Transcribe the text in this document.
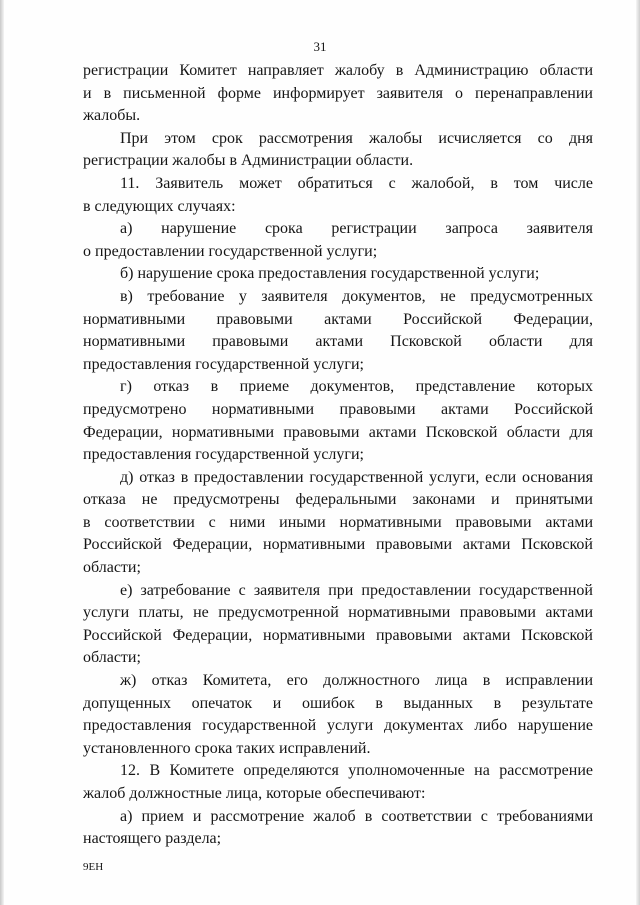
31
регистрации Комитет направляет жалобу в Администрацию области
и в письменной форме информирует заявителя о перенаправлении
жалобы.
При этом срок рассмотрения жалобы исчисляется со дня
регистрации жалобы в Администрации области.
11. Заявитель может обратиться с жалобой, в том числе
в следующих случаях:
а) нарушение срока регистрации запроса заявителя
о предоставлении государственной услуги;
б) нарушение срока предоставления государственной услуги;
в) требование у заявителя документов, не предусмотренных
нормативными правовыми актами Российской Федерации,
нормативными правовыми актами Псковской области для
предоставления государственной услуги;
г) отказ в приеме документов, представление которых
предусмотрено нормативными правовыми актами Российской
Федерации, нормативными правовыми актами Псковской области для
предоставления государственной услуги;
д) отказ в предоставлении государственной услуги, если основания
отказа не предусмотрены федеральными законами и принятыми
в соответствии с ними иными нормативными правовыми актами
Российской Федерации, нормативными правовыми актами Псковской
области;
е) затребование с заявителя при предоставлении государственной
услуги платы, не предусмотренной нормативными правовыми актами
Российской Федерации, нормативными правовыми актами Псковской
области;
ж) отказ Комитета, его должностного лица в исправлении
допущенных опечаток и ошибок в выданных в результате
предоставления государственной услуги документах либо нарушение
установленного срока таких исправлений.
12. В Комитете определяются уполномоченные на рассмотрение
жалоб должностные лица, которые обеспечивают:
а) прием и рассмотрение жалоб в соответствии с требованиями
настоящего раздела;
9ЕН
